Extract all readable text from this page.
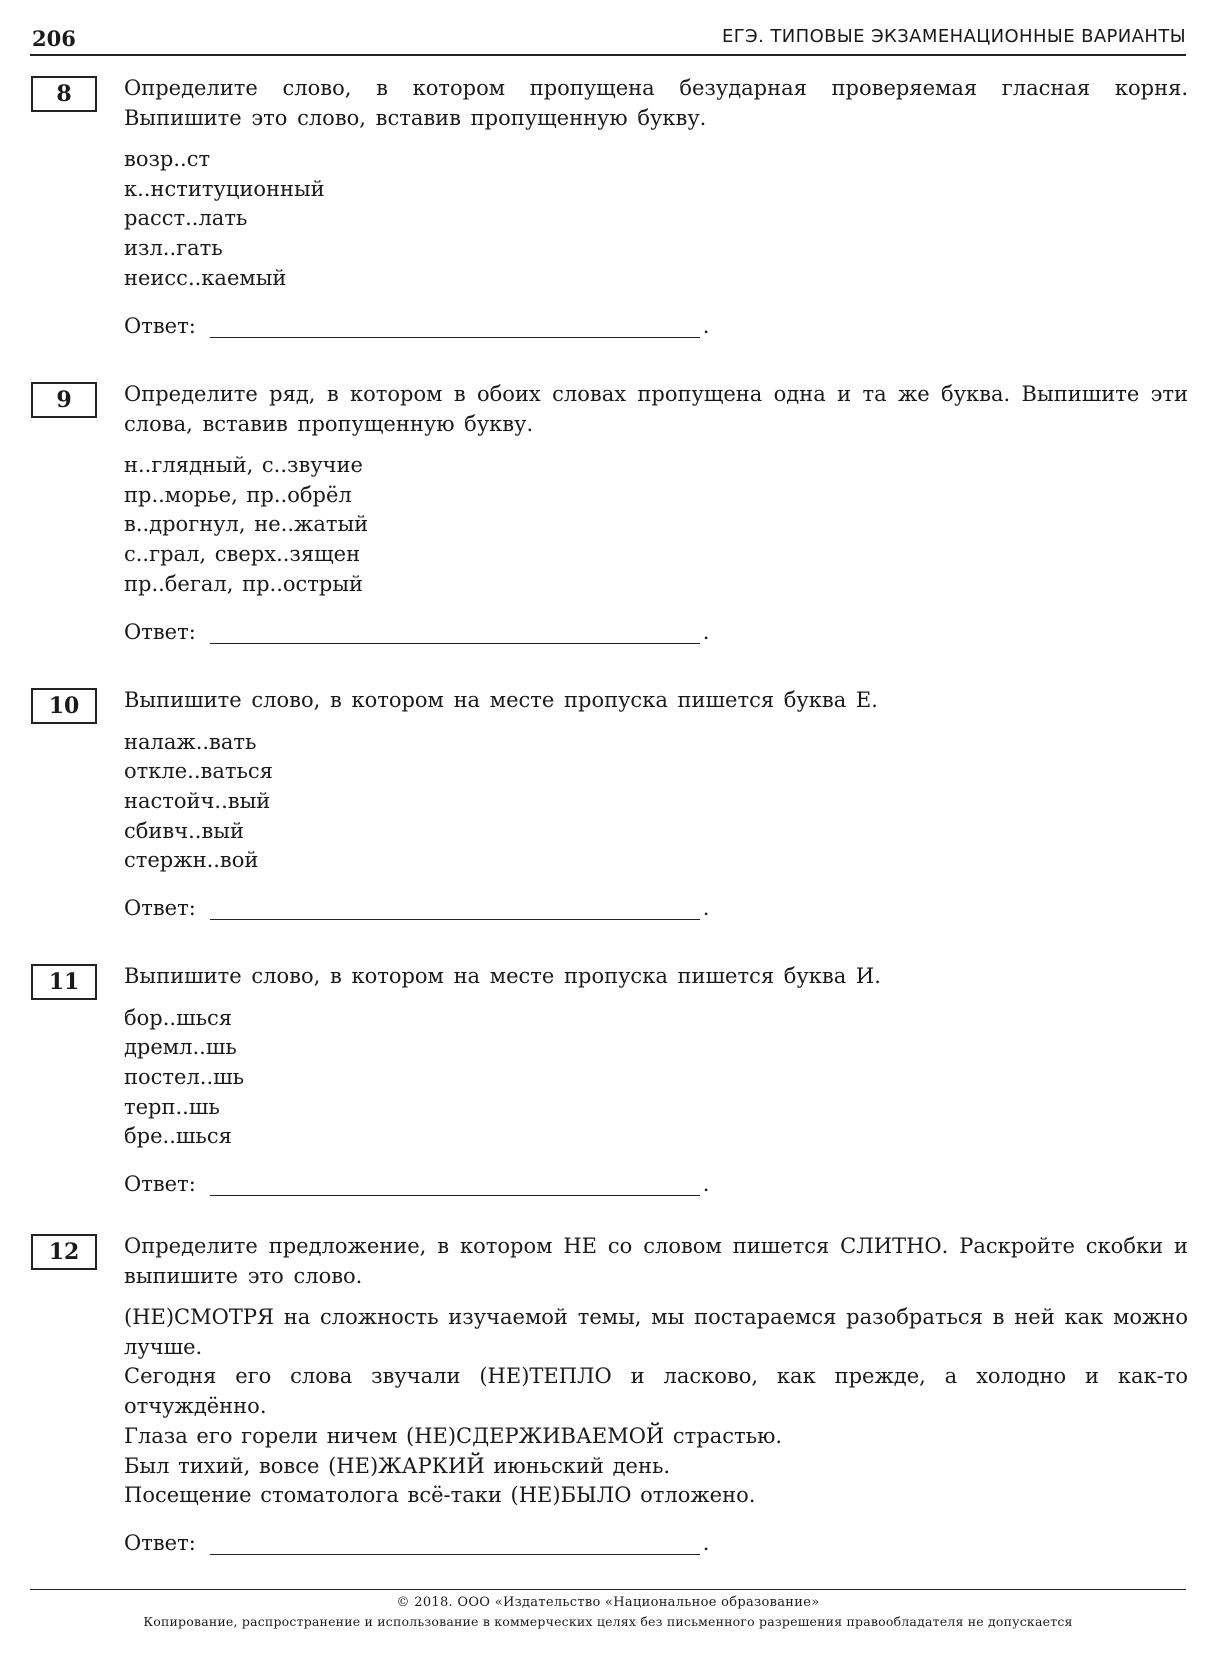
206	ЕГЭ. ТИПОВЫЕ ЭКЗАМЕНАЦИОННЫЕ ВАРИАНТЫ
8	Определите слово, в котором пропущена безударная проверяемая гласная корня. Выпишите это слово, вставив пропущенную букву.

возр..ст
к..нституционный
расст..лать
изл..гать
неисс..каемый
Ответ:	.
9	Определите ряд, в котором в обоих словах пропущена одна и та же буква. Выпишите эти слова, вставив пропущенную букву.

н..глядный, с..звучие
пр..морье, пр..обрёл
в..дрогнул, не..жатый
с..грал, сверх..зящен
пр..бегал, пр..острый
Ответ:	.
10	Выпишите слово, в котором на месте пропуска пишется буква Е.

налаж..вать
откле..ваться
настойч..вый
сбивч..вый
стержн..вой
Ответ:	.
11	Выпишите слово, в котором на месте пропуска пишется буква И.

бор..шься
дремл..шь
постел..шь
терп..шь
бре..шься
Ответ:	.
12	Определите предложение, в котором НЕ со словом пишется СЛИТНО. Раскройте скобки и выпишите это слово.

(НЕ)СМОТРЯ на сложность изучаемой темы, мы постараемся разобраться в ней как можно лучше.
Сегодня его слова звучали (НЕ)ТЕПЛО и ласково, как прежде, а холодно и как-то отчуждённо.
Глаза его горели ничем (НЕ)СДЕРЖИВАЕМОЙ страстью.
Был тихий, вовсе (НЕ)ЖАРКИЙ июньский день.
Посещение стоматолога всё-таки (НЕ)БЫЛО отложено.
Ответ:	.
© 2018. ООО «Издательство «Национальное образование»
Копирование, распространение и использование в коммерческих целях без письменного разрешения правообладателя не допускается
